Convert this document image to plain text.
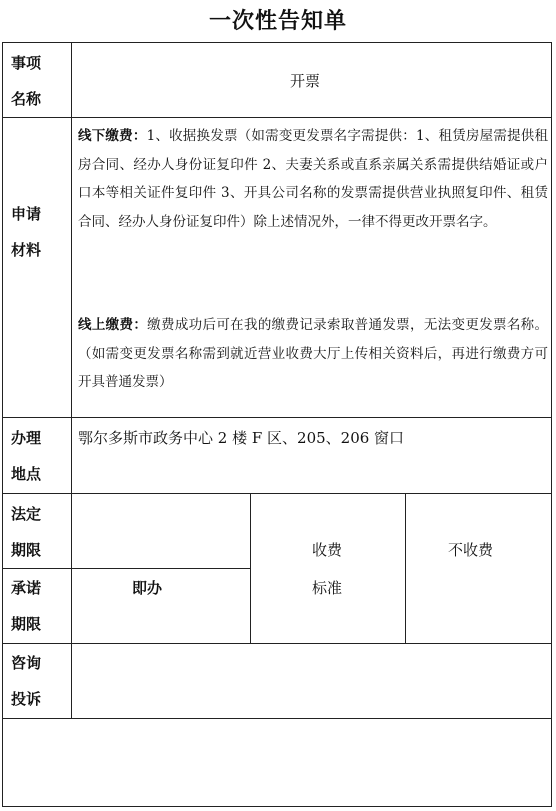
一次性告知单
事项
名称
开票
申请
材料
线下缴费：1、收据换发票（如需变更发票名字需提供：1、租赁房屋需提供租房合同、经办人身份证复印件 2、夫妻关系或直系亲属关系需提供结婚证或户口本等相关证件复印件 3、开具公司名称的发票需提供营业执照复印件、租赁合同、经办人身份证复印件）除上述情况外，一律不得更改开票名字。
线上缴费：缴费成功后可在我的缴费记录索取普通发票，无法变更发票名称。（如需变更发票名称需到就近营业收费大厅上传相关资料后，再进行缴费方可开具普通发票）
办理
地点
鄂尔多斯市政务中心 2 楼 F 区、205、206 窗口
法定
期限
承诺
期限
即办
收费
标准
不收费
咨询
投诉
